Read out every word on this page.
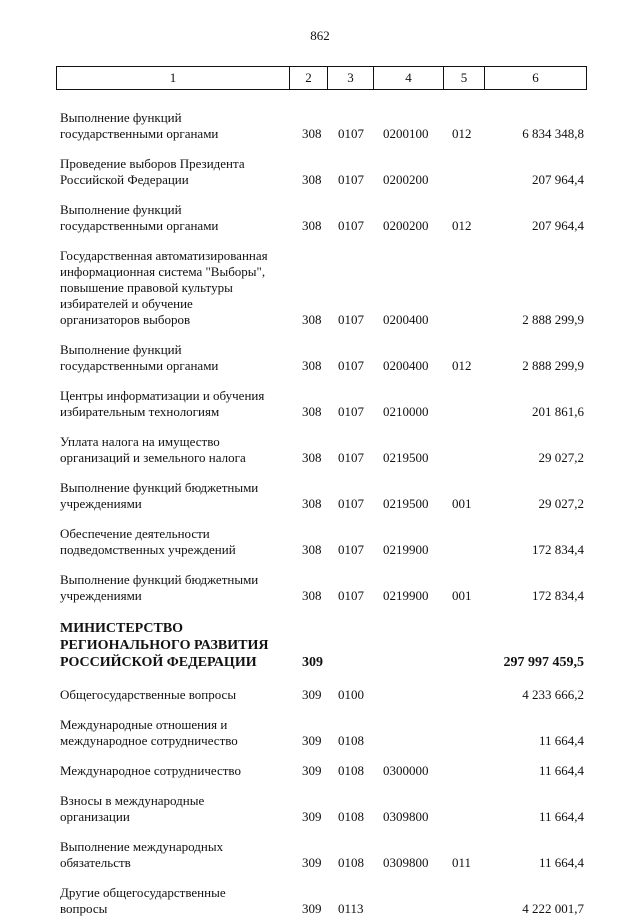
862
1	2	3	4	5	6
Выполнение функций
государственными органами	308 0107 0200100 012	6 834 348,8
Проведение выборов Президента
Российской Федерации	308 0107 0200200	207 964,4
Выполнение функций
государственными органами	308 0107 0200200 012	207 964,4
Государственная автоматизированная
информационная система "Выборы",
повышение правовой культуры
избирателей и обучение
организаторов выборов	308 0107 0200400	2 888 299,9
Выполнение функций
государственными органами	308 0107 0200400 012	2 888 299,9
Центры информатизации и обучения
избирательным технологиям	308 0107 0210000	201 861,6
Уплата налога на имущество
организаций и земельного налога	308 0107 0219500	29 027,2
Выполнение функций бюджетными
учреждениями	308 0107 0219500 001	29 027,2
Обеспечение деятельности
подведомственных учреждений	308 0107 0219900	172 834,4
Выполнение функций бюджетными
учреждениями	308 0107 0219900 001	172 834,4
МИНИСТЕРСТВО
РЕГИОНАЛЬНОГО РАЗВИТИЯ
РОССИЙСКОЙ ФЕДЕРАЦИИ	309	297 997 459,5
Общегосударственные вопросы	309 0100	4 233 666,2
Международные отношения и
международное сотрудничество	309 0108	11 664,4
Международное сотрудничество	309 0108 0300000	11 664,4
Взносы в международные
организации	309 0108 0309800	11 664,4
Выполнение международных
обязательств	309 0108 0309800 011	11 664,4
Другие общегосударственные
вопросы	309 0113	4 222 001,7
